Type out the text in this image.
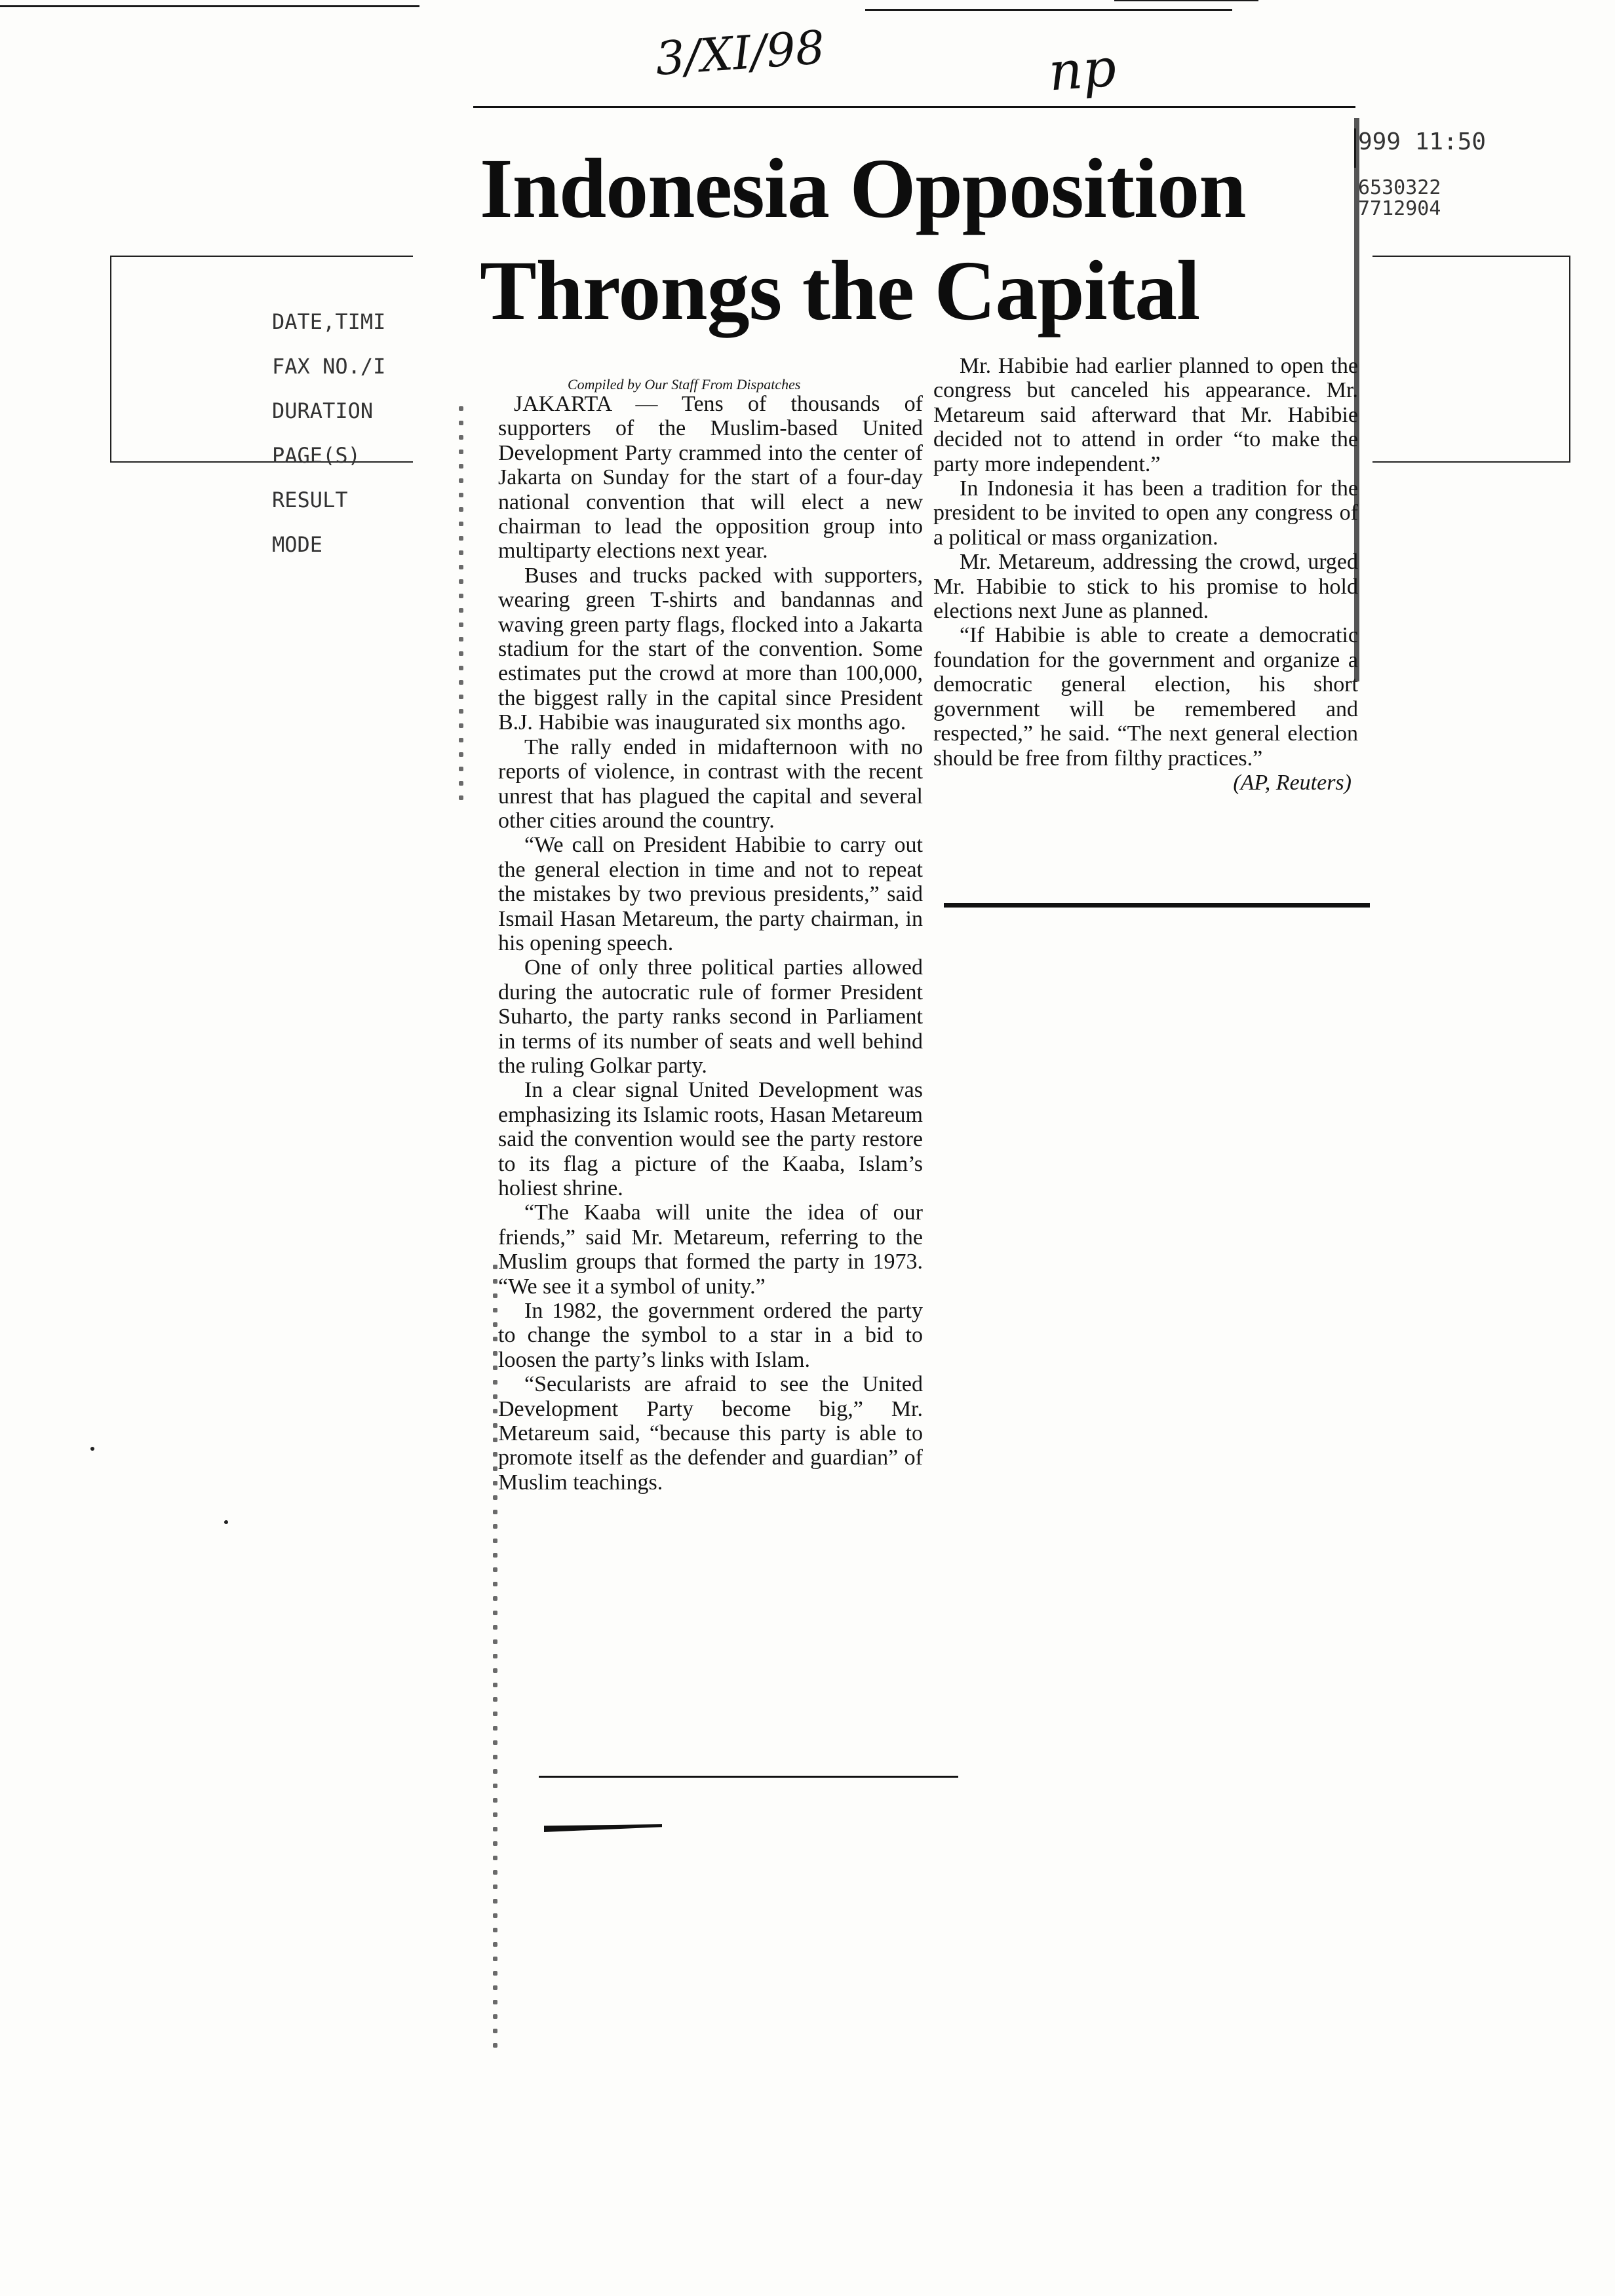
3/XI/98	np

DATE,TIMI

FAX NO./I

DURATION

PAGE(S)

RESULT

MODE

999 11:50
6530322
7712904
Indonesia Opposition
Throngs the Capital
Compiled by Our Staff From Dispatches

JAKARTA — Tens of thousands of supporters of the Muslim-based United Development Party crammed into the center of Jakarta on Sunday for the start of a four-day national convention that will elect a new chairman to lead the opposition group into multiparty elections next year.

Buses and trucks packed with supporters, wearing green T-shirts and bandannas and waving green party flags, flocked into a Jakarta stadium for the start of the convention. Some estimates put the crowd at more than 100,000, the biggest rally in the capital since President B.J. Habibie was inaugurated six months ago.

The rally ended in midafternoon with no reports of violence, in contrast with the recent unrest that has plagued the capital and several other cities around the country.

“We call on President Habibie to carry out the general election in time and not to repeat the mistakes by two previous presidents,” said Ismail Hasan Metareum, the party chairman, in his opening speech.

One of only three political parties allowed during the autocratic rule of former President Suharto, the party ranks second in Parliament in terms of its number of seats and well behind the ruling Golkar party.

In a clear signal United Development was emphasizing its Islamic roots, Hasan Metareum said the convention would see the party restore to its flag a picture of the Kaaba, Islam’s holiest shrine.

“The Kaaba will unite the idea of our friends,” said Mr. Metareum, referring to the Muslim groups that formed the party in 1973. “We see it a symbol of unity.”

In 1982, the government ordered the party to change the symbol to a star in a bid to loosen the party’s links with Islam.

“Secularists are afraid to see the United Development Party become big,” Mr. Metareum said, “because this party is able to promote itself as the defender and guardian” of Muslim teachings.

Mr. Habibie had earlier planned to open the congress but canceled his appearance. Mr. Metareum said afterward that Mr. Habibie decided not to attend in order “to make the party more independent.”

In Indonesia it has been a tradition for the president to be invited to open any congress of a political or mass organization.

Mr. Metareum, addressing the crowd, urged Mr. Habibie to stick to his promise to hold elections next June as planned.

“If Habibie is able to create a democratic foundation for the government and organize a democratic general election, his short government will be remembered and respected,” he said. “The next general election should be free from filthy practices.”
(AP, Reuters)
